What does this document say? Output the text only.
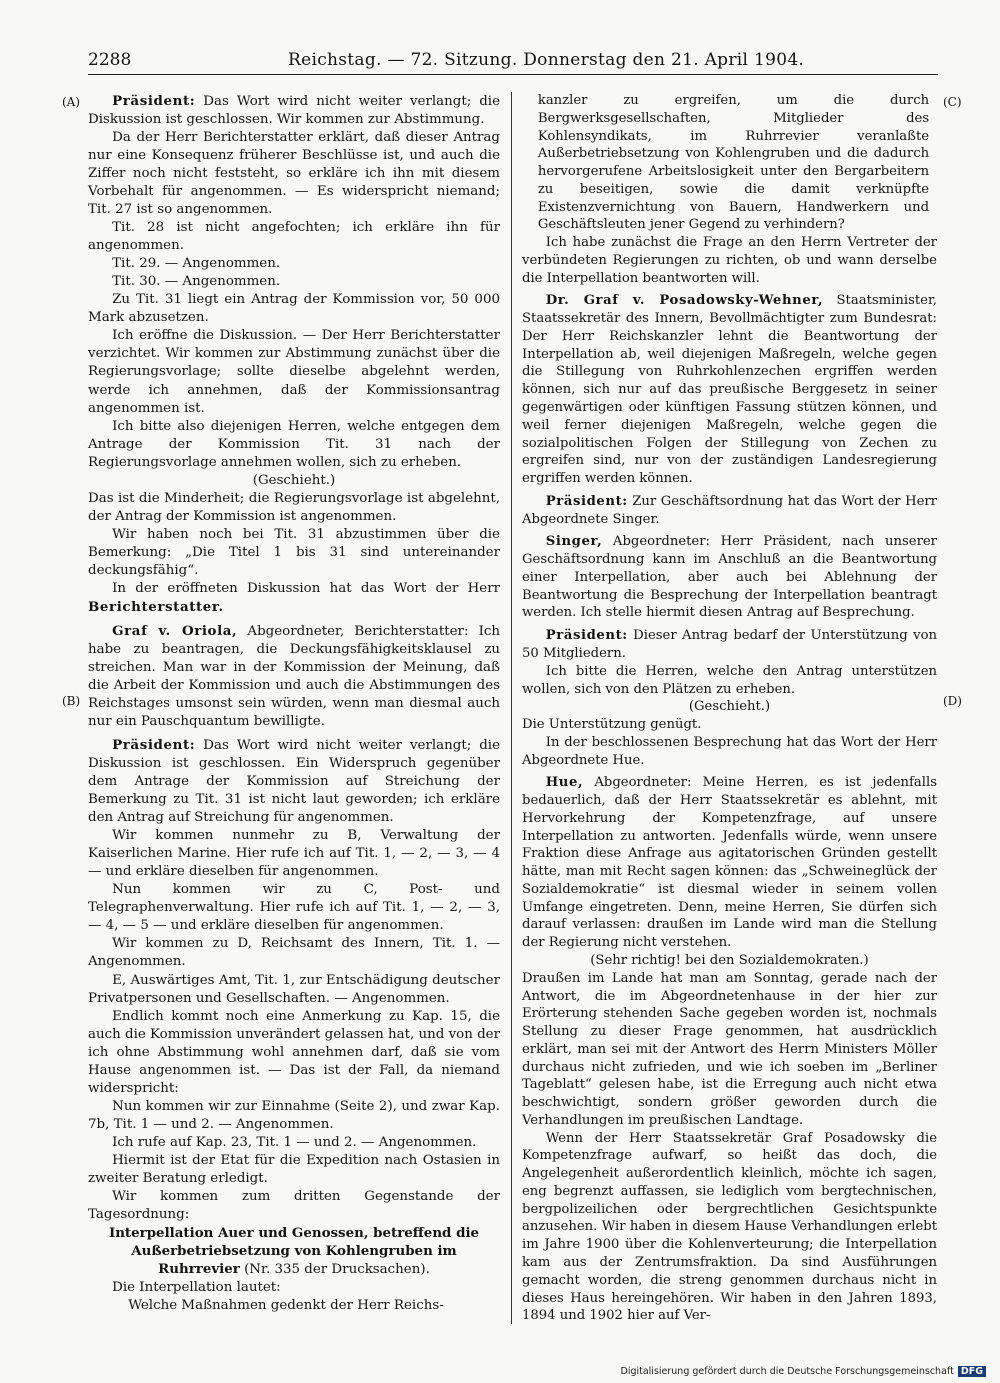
2288	Reichstag. — 72. Sitzung. Donnerstag den 21. April 1904.
(A)
(B)
(C)
(D)

Präsident: Das Wort wird nicht weiter verlangt; die Diskussion ist geschlossen. Wir kommen zur Abstimmung.

Da der Herr Berichterstatter erklärt, daß dieser Antrag nur eine Konsequenz früherer Beschlüsse ist, und auch die Ziffer noch nicht feststeht, so erkläre ich ihn mit diesem Vorbehalt für angenommen. — Es widerspricht niemand; Tit. 27 ist so angenommen.

Tit. 28 ist nicht angefochten; ich erkläre ihn für angenommen.

Tit. 29. — Angenommen.

Tit. 30. — Angenommen.

Zu Tit. 31 liegt ein Antrag der Kommission vor, 50 000 Mark abzusetzen.

Ich eröffne die Diskussion. — Der Herr Berichterstatter verzichtet. Wir kommen zur Abstimmung zunächst über die Regierungsvorlage; sollte dieselbe abgelehnt werden, werde ich annehmen, daß der Kommissionsantrag angenommen ist.

Ich bitte also diejenigen Herren, welche entgegen dem Antrage der Kommission Tit. 31 nach der Regierungsvorlage annehmen wollen, sich zu erheben.

(Geschieht.)

Das ist die Minderheit; die Regierungsvorlage ist abgelehnt, der Antrag der Kommission ist angenommen.

Wir haben noch bei Tit. 31 abzustimmen über die Bemerkung: „Die Titel 1 bis 31 sind untereinander deckungsfähig“.

In der eröffneten Diskussion hat das Wort der Herr Berichterstatter.

Graf v. Oriola, Abgeordneter, Berichterstatter: Ich habe zu beantragen, die Deckungsfähigkeitsklausel zu streichen. Man war in der Kommission der Meinung, daß die Arbeit der Kommission und auch die Abstimmungen des Reichstages umsonst sein würden, wenn man diesmal auch nur ein Pauschquantum bewilligte.

Präsident: Das Wort wird nicht weiter verlangt; die Diskussion ist geschlossen. Ein Widerspruch gegenüber dem Antrage der Kommission auf Streichung der Bemerkung zu Tit. 31 ist nicht laut geworden; ich erkläre den Antrag auf Streichung für angenommen.

Wir kommen nunmehr zu B, Verwaltung der Kaiserlichen Marine. Hier rufe ich auf Tit. 1, — 2, — 3, — 4 — und erkläre dieselben für angenommen.

Nun kommen wir zu C, Post- und Telegraphenverwaltung. Hier rufe ich auf Tit. 1, — 2, — 3, — 4, — 5 — und erkläre dieselben für angenommen.

Wir kommen zu D, Reichsamt des Innern, Tit. 1. — Angenommen.

E, Auswärtiges Amt, Tit. 1, zur Entschädigung deutscher Privatpersonen und Gesellschaften. — Angenommen.

Endlich kommt noch eine Anmerkung zu Kap. 15, die auch die Kommission unverändert gelassen hat, und von der ich ohne Abstimmung wohl annehmen darf, daß sie vom Hause angenommen ist. — Das ist der Fall, da niemand widerspricht:

Nun kommen wir zur Einnahme (Seite 2), und zwar Kap. 7b, Tit. 1 — und 2. — Angenommen.

Ich rufe auf Kap. 23, Tit. 1 — und 2. — Angenommen.

Hiermit ist der Etat für die Expedition nach Ostasien in zweiter Beratung erledigt.

Wir kommen zum dritten Gegenstande der Tagesordnung:

Interpellation Auer und Genossen, betreffend die Außerbetriebsetzung von Kohlengruben im Ruhrrevier (Nr. 335 der Drucksachen).

Die Interpellation lautet:

Welche Maßnahmen gedenkt der Herr Reichs-

kanzler zu ergreifen, um die durch Bergwerksgesellschaften, Mitglieder des Kohlensyndikats, im Ruhrrevier veranlaßte Außerbetriebsetzung von Kohlengruben und die dadurch hervorgerufene Arbeitslosigkeit unter den Bergarbeitern zu beseitigen, sowie die damit verknüpfte Existenzvernichtung von Bauern, Handwerkern und Geschäftsleuten jener Gegend zu verhindern?

Ich habe zunächst die Frage an den Herrn Vertreter der verbündeten Regierungen zu richten, ob und wann derselbe die Interpellation beantworten will.

Dr. Graf v. Posadowsky-Wehner, Staatsminister, Staatssekretär des Innern, Bevollmächtigter zum Bundesrat: Der Herr Reichskanzler lehnt die Beantwortung der Interpellation ab, weil diejenigen Maßregeln, welche gegen die Stillegung von Ruhrkohlenzechen ergriffen werden können, sich nur auf das preußische Berggesetz in seiner gegenwärtigen oder künftigen Fassung stützen können, und weil ferner diejenigen Maßregeln, welche gegen die sozialpolitischen Folgen der Stillegung von Zechen zu ergreifen sind, nur von der zuständigen Landesregierung ergriffen werden können.

Präsident: Zur Geschäftsordnung hat das Wort der Herr Abgeordnete Singer.

Singer, Abgeordneter: Herr Präsident, nach unserer Geschäftsordnung kann im Anschluß an die Beantwortung einer Interpellation, aber auch bei Ablehnung der Beantwortung die Besprechung der Interpellation beantragt werden. Ich stelle hiermit diesen Antrag auf Besprechung.

Präsident: Dieser Antrag bedarf der Unterstützung von 50 Mitgliedern.

Ich bitte die Herren, welche den Antrag unterstützen wollen, sich von den Plätzen zu erheben.

(Geschieht.)

Die Unterstützung genügt.

In der beschlossenen Besprechung hat das Wort der Herr Abgeordnete Hue.

Hue, Abgeordneter: Meine Herren, es ist jedenfalls bedauerlich, daß der Herr Staatssekretär es ablehnt, mit Hervorkehrung der Kompetenzfrage, auf unsere Interpellation zu antworten. Jedenfalls würde, wenn unsere Fraktion diese Anfrage aus agitatorischen Gründen gestellt hätte, man mit Recht sagen können: das „Schweineglück der Sozialdemokratie“ ist diesmal wieder in seinem vollen Umfange eingetreten. Denn, meine Herren, Sie dürfen sich darauf verlassen: draußen im Lande wird man die Stellung der Regierung nicht verstehen.

(Sehr richtig! bei den Sozialdemokraten.)

Draußen im Lande hat man am Sonntag, gerade nach der Antwort, die im Abgeordnetenhause in der hier zur Erörterung stehenden Sache gegeben worden ist, nochmals Stellung zu dieser Frage genommen, hat ausdrücklich erklärt, man sei mit der Antwort des Herrn Ministers Möller durchaus nicht zufrieden, und wie ich soeben im „Berliner Tageblatt“ gelesen habe, ist die Erregung auch nicht etwa beschwichtigt, sondern größer geworden durch die Verhandlungen im preußischen Landtage.

Wenn der Herr Staatssekretär Graf Posadowsky die Kompetenzfrage aufwarf, so heißt das doch, die Angelegenheit außerordentlich kleinlich, möchte ich sagen, eng begrenzt auffassen, sie lediglich vom bergtechnischen, bergpolizeilichen oder bergrechtlichen Gesichtspunkte anzusehen. Wir haben in diesem Hause Verhandlungen erlebt im Jahre 1900 über die Kohlenverteurung; die Interpellation kam aus der Zentrumsfraktion. Da sind Ausführungen gemacht worden, die streng genommen durchaus nicht in dieses Haus hereingehören. Wir haben in den Jahren 1893, 1894 und 1902 hier auf Ver-

Digitalisierung gefördert durch die Deutsche Forschungsgemeinschaft DFG
